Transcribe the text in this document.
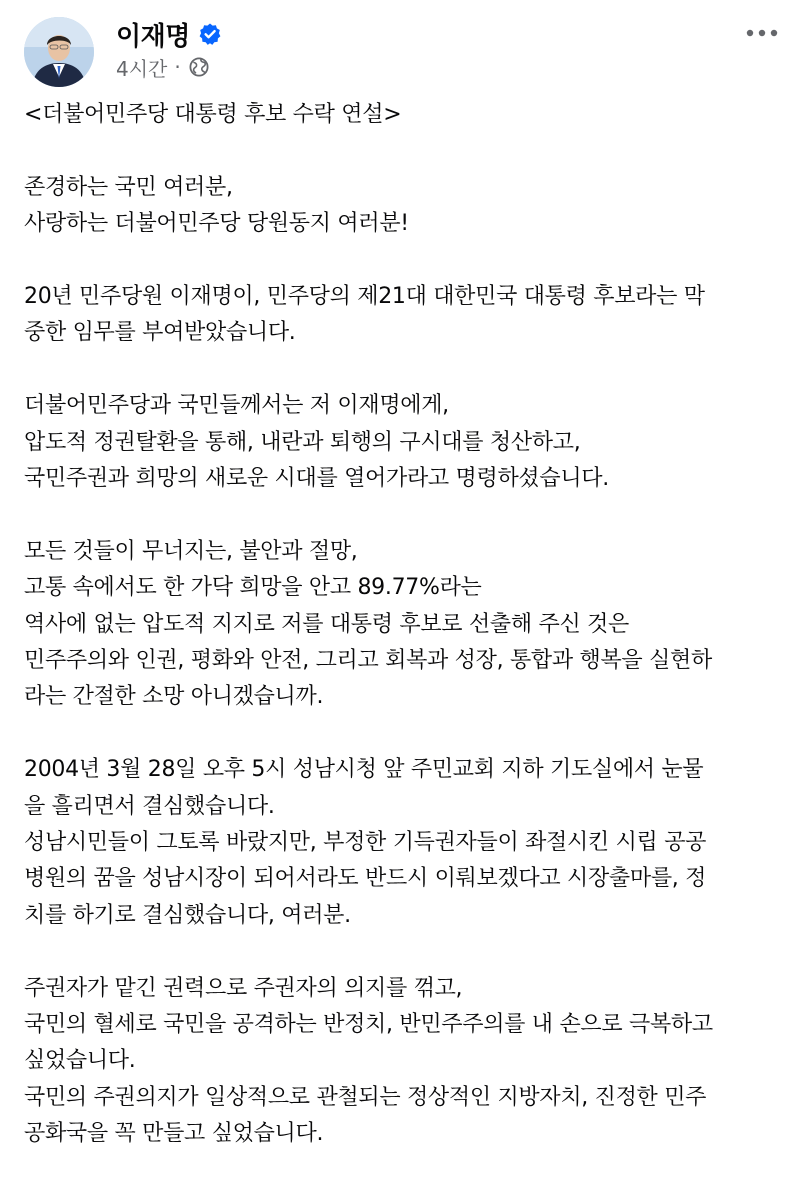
이재명
4시간 ·

<더불어민주당 대통령 후보 수락 연설>

존경하는 국민 여러분,
사랑하는 더불어민주당 당원동지 여러분!

20년 민주당원 이재명이, 민주당의 제21대 대한민국 대통령 후보라는 막
중한 임무를 부여받았습니다.

더불어민주당과 국민들께서는 저 이재명에게,
압도적 정권탈환을 통해, 내란과 퇴행의 구시대를 청산하고,
국민주권과 희망의 새로운 시대를 열어가라고 명령하셨습니다.

모든 것들이 무너지는, 불안과 절망,
고통 속에서도 한 가닥 희망을 안고 89.77%라는
역사에 없는 압도적 지지로 저를 대통령 후보로 선출해 주신 것은
민주주의와 인권, 평화와 안전, 그리고 회복과 성장, 통합과 행복을 실현하
라는 간절한 소망 아니겠습니까.

2004년 3월 28일 오후 5시 성남시청 앞 주민교회 지하 기도실에서 눈물
을 흘리면서 결심했습니다.
성남시민들이 그토록 바랐지만, 부정한 기득권자들이 좌절시킨 시립 공공
병원의 꿈을 성남시장이 되어서라도 반드시 이뤄보겠다고 시장출마를, 정
치를 하기로 결심했습니다, 여러분.

주권자가 맡긴 권력으로 주권자의 의지를 꺾고,
국민의 혈세로 국민을 공격하는 반정치, 반민주주의를 내 손으로 극복하고
싶었습니다.
국민의 주권의지가 일상적으로 관철되는 정상적인 지방자치, 진정한 민주
공화국을 꼭 만들고 싶었습니다.
